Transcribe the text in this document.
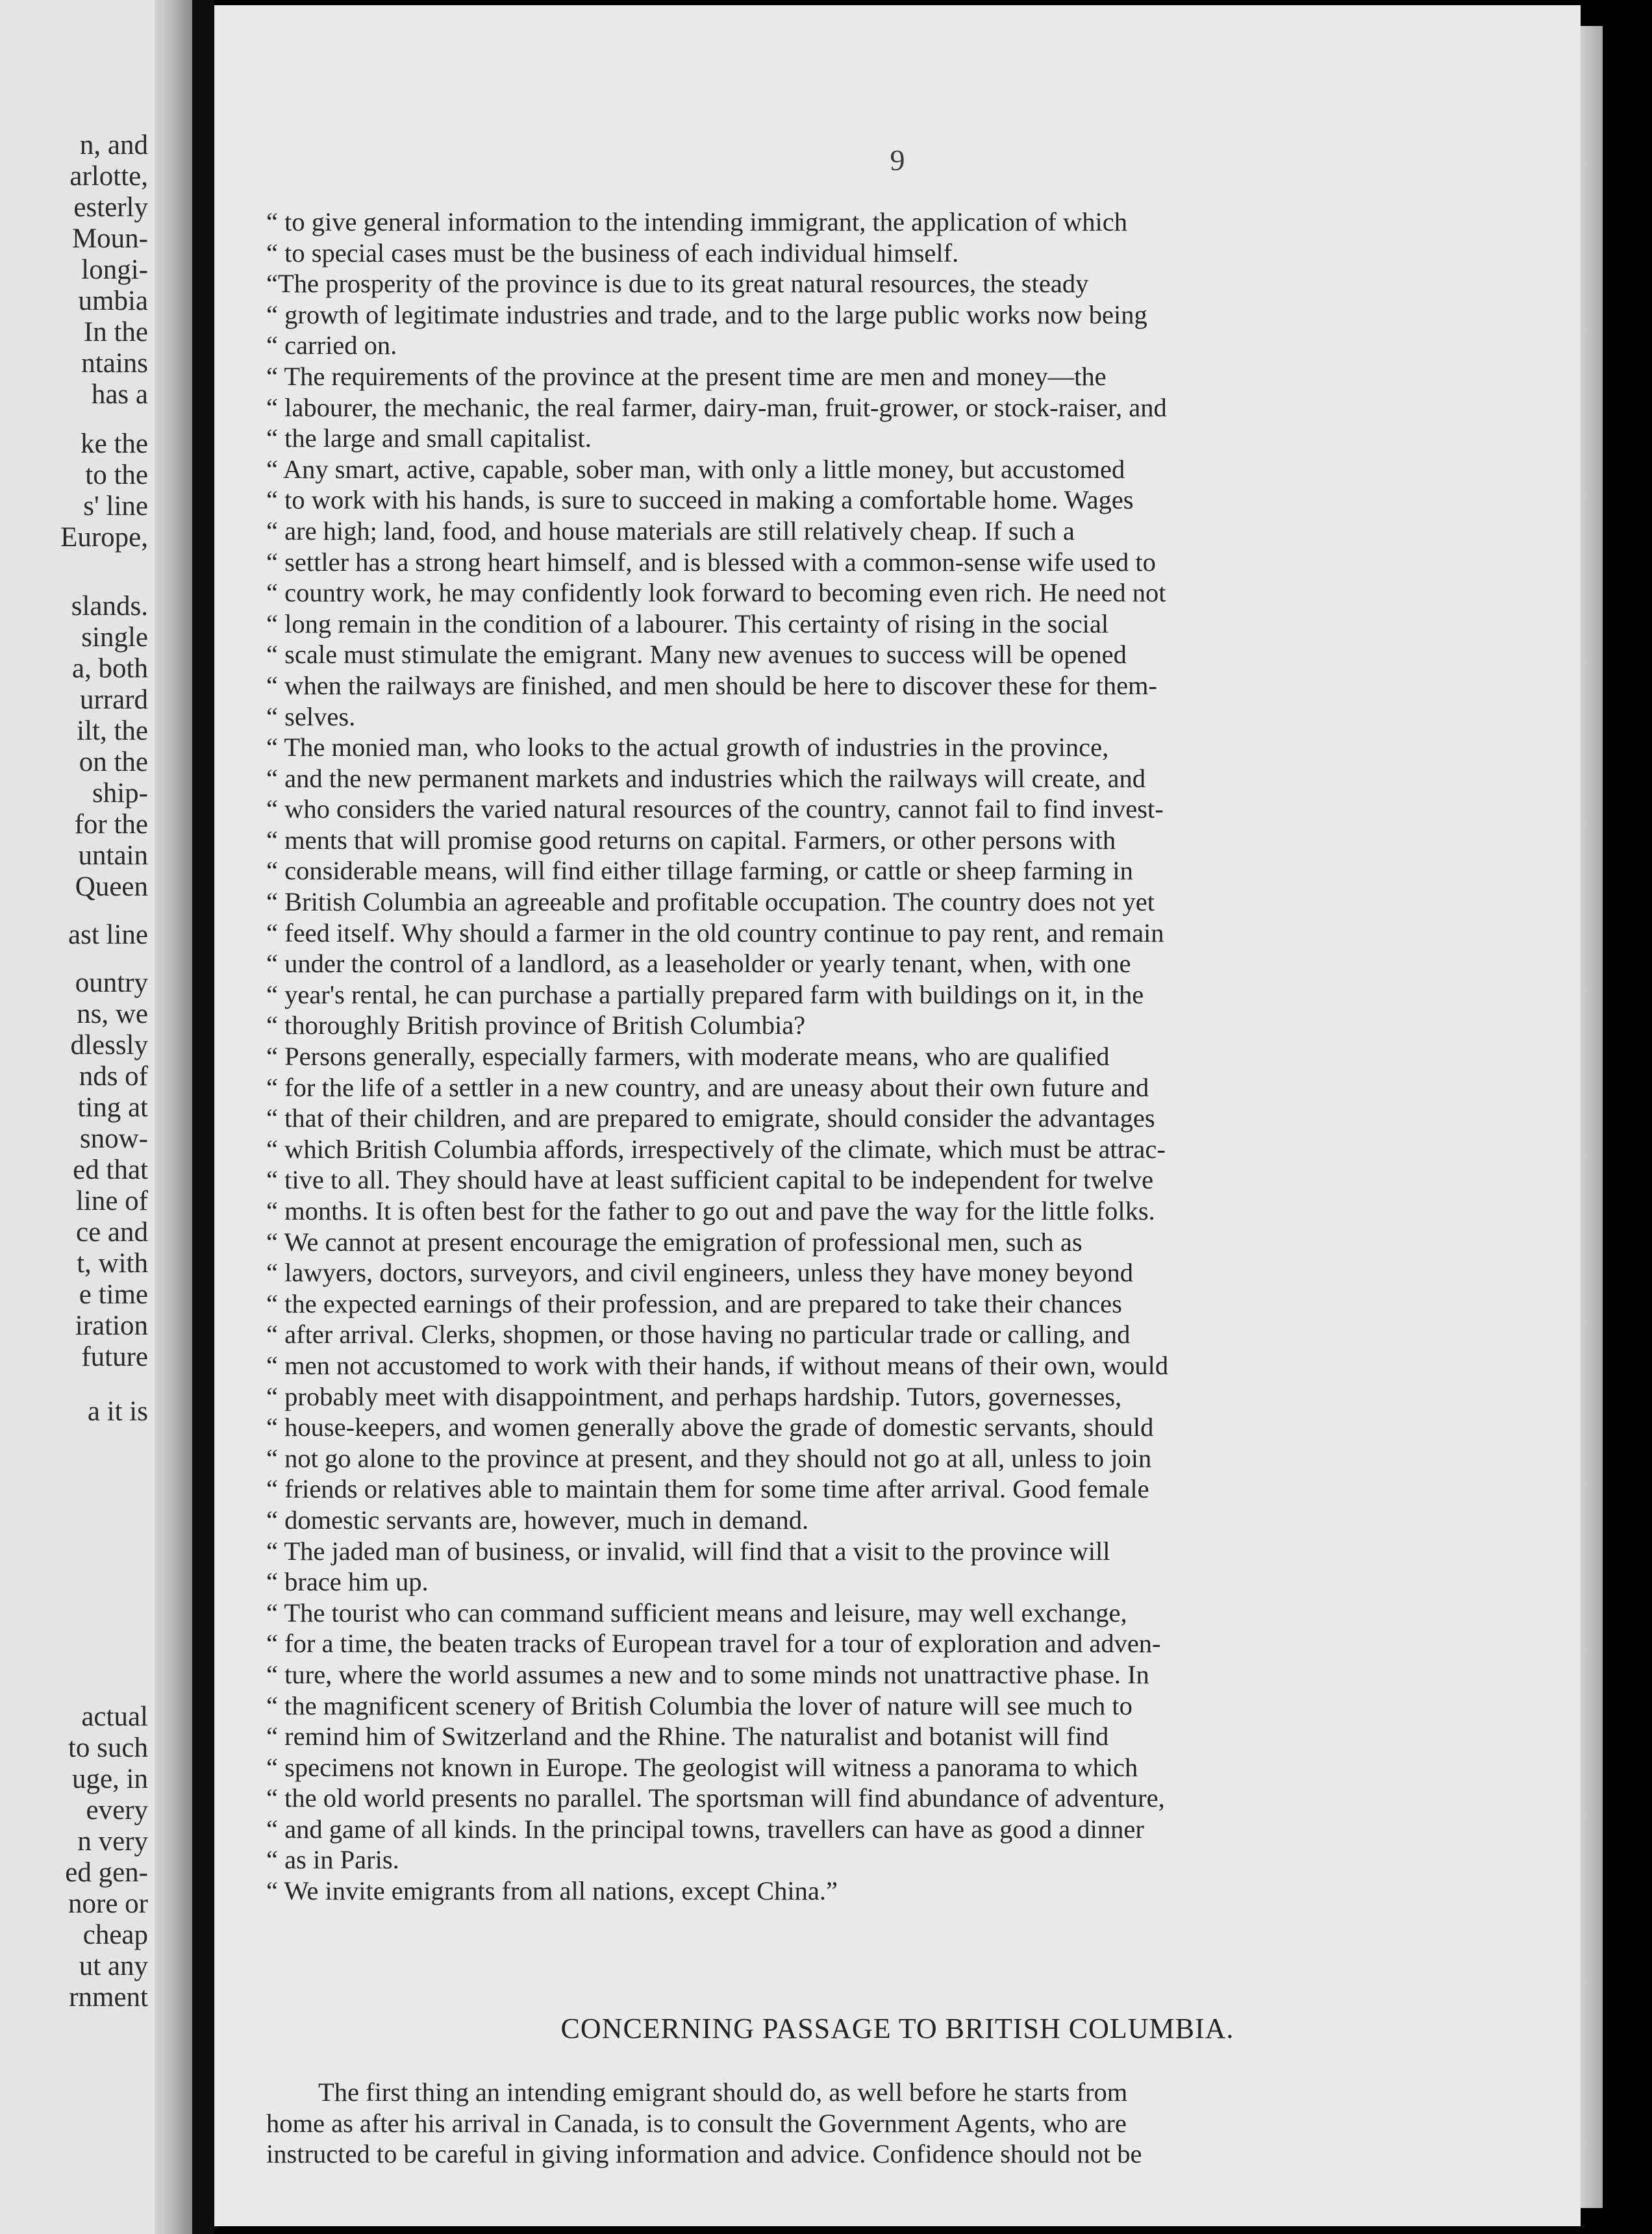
n, and
arlotte,
esterly
Moun-
longi-
umbia
In the
ntains
has a
ke the
to the
s' line
Europe,
slands.
single
a, both
urrard
ilt, the
on the
ship-
for the
untain
Queen
ast line
ountry
ns, we
dlessly
nds of
ting at
snow-
ed that
line of
ce and
t, with
e time
iration
future
a it is
actual
to such
uge, in
every
n very
ed gen-
nore or
cheap
ut any
rnment
9
“ to give general information to the intending immigrant, the application of which
“ to special cases must be the business of each individual himself.
“The prosperity of the province is due to its great natural resources, the steady
“ growth of legitimate industries and trade, and to the large public works now being
“ carried on.
“ The requirements of the province at the present time are men and money—the
“ labourer, the mechanic, the real farmer, dairy-man, fruit-grower, or stock-raiser, and
“ the large and small capitalist.
“ Any smart, active, capable, sober man, with only a little money, but accustomed
“ to work with his hands, is sure to succeed in making a comfortable home. Wages
“ are high; land, food, and house materials are still relatively cheap. If such a
“ settler has a strong heart himself, and is blessed with a common-sense wife used to
“ country work, he may confidently look forward to becoming even rich. He need not
“ long remain in the condition of a labourer. This certainty of rising in the social
“ scale must stimulate the emigrant. Many new avenues to success will be opened
“ when the railways are finished, and men should be here to discover these for them-
“ selves.
“ The monied man, who looks to the actual growth of industries in the province,
“ and the new permanent markets and industries which the railways will create, and
“ who considers the varied natural resources of the country, cannot fail to find invest-
“ ments that will promise good returns on capital. Farmers, or other persons with
“ considerable means, will find either tillage farming, or cattle or sheep farming in
“ British Columbia an agreeable and profitable occupation. The country does not yet
“ feed itself. Why should a farmer in the old country continue to pay rent, and remain
“ under the control of a landlord, as a leaseholder or yearly tenant, when, with one
“ year's rental, he can purchase a partially prepared farm with buildings on it, in the
“ thoroughly British province of British Columbia?
“ Persons generally, especially farmers, with moderate means, who are qualified
“ for the life of a settler in a new country, and are uneasy about their own future and
“ that of their children, and are prepared to emigrate, should consider the advantages
“ which British Columbia affords, irrespectively of the climate, which must be attrac-
“ tive to all. They should have at least sufficient capital to be independent for twelve
“ months. It is often best for the father to go out and pave the way for the little folks.
“ We cannot at present encourage the emigration of professional men, such as
“ lawyers, doctors, surveyors, and civil engineers, unless they have money beyond
“ the expected earnings of their profession, and are prepared to take their chances
“ after arrival. Clerks, shopmen, or those having no particular trade or calling, and
“ men not accustomed to work with their hands, if without means of their own, would
“ probably meet with disappointment, and perhaps hardship. Tutors, governesses,
“ house-keepers, and women generally above the grade of domestic servants, should
“ not go alone to the province at present, and they should not go at all, unless to join
“ friends or relatives able to maintain them for some time after arrival. Good female
“ domestic servants are, however, much in demand.
“ The jaded man of business, or invalid, will find that a visit to the province will
“ brace him up.
“ The tourist who can command sufficient means and leisure, may well exchange,
“ for a time, the beaten tracks of European travel for a tour of exploration and adven-
“ ture, where the world assumes a new and to some minds not unattractive phase. In
“ the magnificent scenery of British Columbia the lover of nature will see much to
“ remind him of Switzerland and the Rhine. The naturalist and botanist will find
“ specimens not known in Europe. The geologist will witness a panorama to which
“ the old world presents no parallel. The sportsman will find abundance of adventure,
“ and game of all kinds. In the principal towns, travellers can have as good a dinner
“ as in Paris.
“ We invite emigrants from all nations, except China.”
CONCERNING PASSAGE TO BRITISH COLUMBIA.
The first thing an intending emigrant should do, as well before he starts from
home as after his arrival in Canada, is to consult the Government Agents, who are
instructed to be careful in giving information and advice. Confidence should not be
